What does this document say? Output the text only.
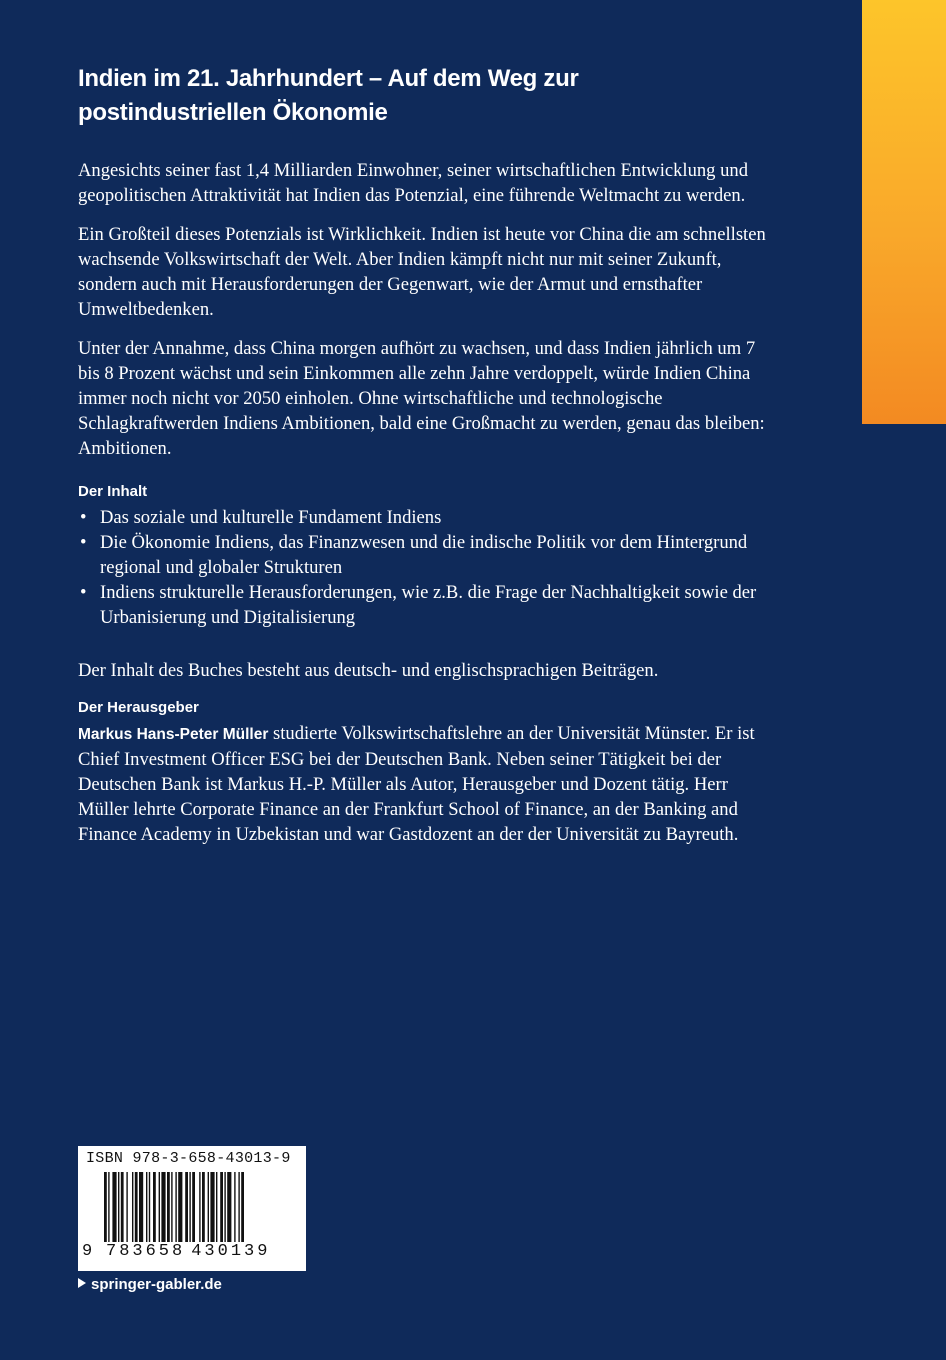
Indien im 21. Jahrhundert – Auf dem Weg zur postindustriellen Ökonomie

Angesichts seiner fast 1,4 Milliarden Einwohner, seiner wirtschaftlichen Entwicklung und geopolitischen Attraktivität hat Indien das Potenzial, eine führende Weltmacht zu werden.

Ein Großteil dieses Potenzials ist Wirklichkeit. Indien ist heute vor China die am schnellsten wachsende Volkswirtschaft der Welt. Aber Indien kämpft nicht nur mit seiner Zukunft, sondern auch mit Herausforderungen der Gegenwart, wie der Armut und ernsthafter Umweltbedenken.

Unter der Annahme, dass China morgen aufhört zu wachsen, und dass Indien jährlich um 7 bis 8 Prozent wächst und sein Einkommen alle zehn Jahre verdoppelt, würde Indien China immer noch nicht vor 2050 einholen. Ohne wirtschaftliche und technologische Schlagkraftwerden Indiens Ambitionen, bald eine Großmacht zu werden, genau das bleiben: Ambitionen.

Der Inhalt
• Das soziale und kulturelle Fundament Indiens
• Die Ökonomie Indiens, das Finanzwesen und die indische Politik vor dem Hintergrund regional und globaler Strukturen
• Indiens strukturelle Herausforderungen, wie z.B. die Frage der Nachhaltigkeit sowie der Urbanisierung und Digitalisierung

Der Inhalt des Buches besteht aus deutsch- und englischsprachigen Beiträgen.

Der Herausgeber

Markus Hans-Peter Müller studierte Volkswirtschaftslehre an der Universität Münster. Er ist Chief Investment Officer ESG bei der Deutschen Bank. Neben seiner Tätigkeit bei der Deutschen Bank ist Markus H.-P. Müller als Autor, Herausgeber und Dozent tätig. Herr Müller lehrte Corporate Finance an der Frankfurt School of Finance, an der Banking and Finance Academy in Uzbekistan und war Gastdozent an der der Universität zu Bayreuth.

ISBN 978-3-658-43013-9
9 783658 430139
springer-gabler.de
